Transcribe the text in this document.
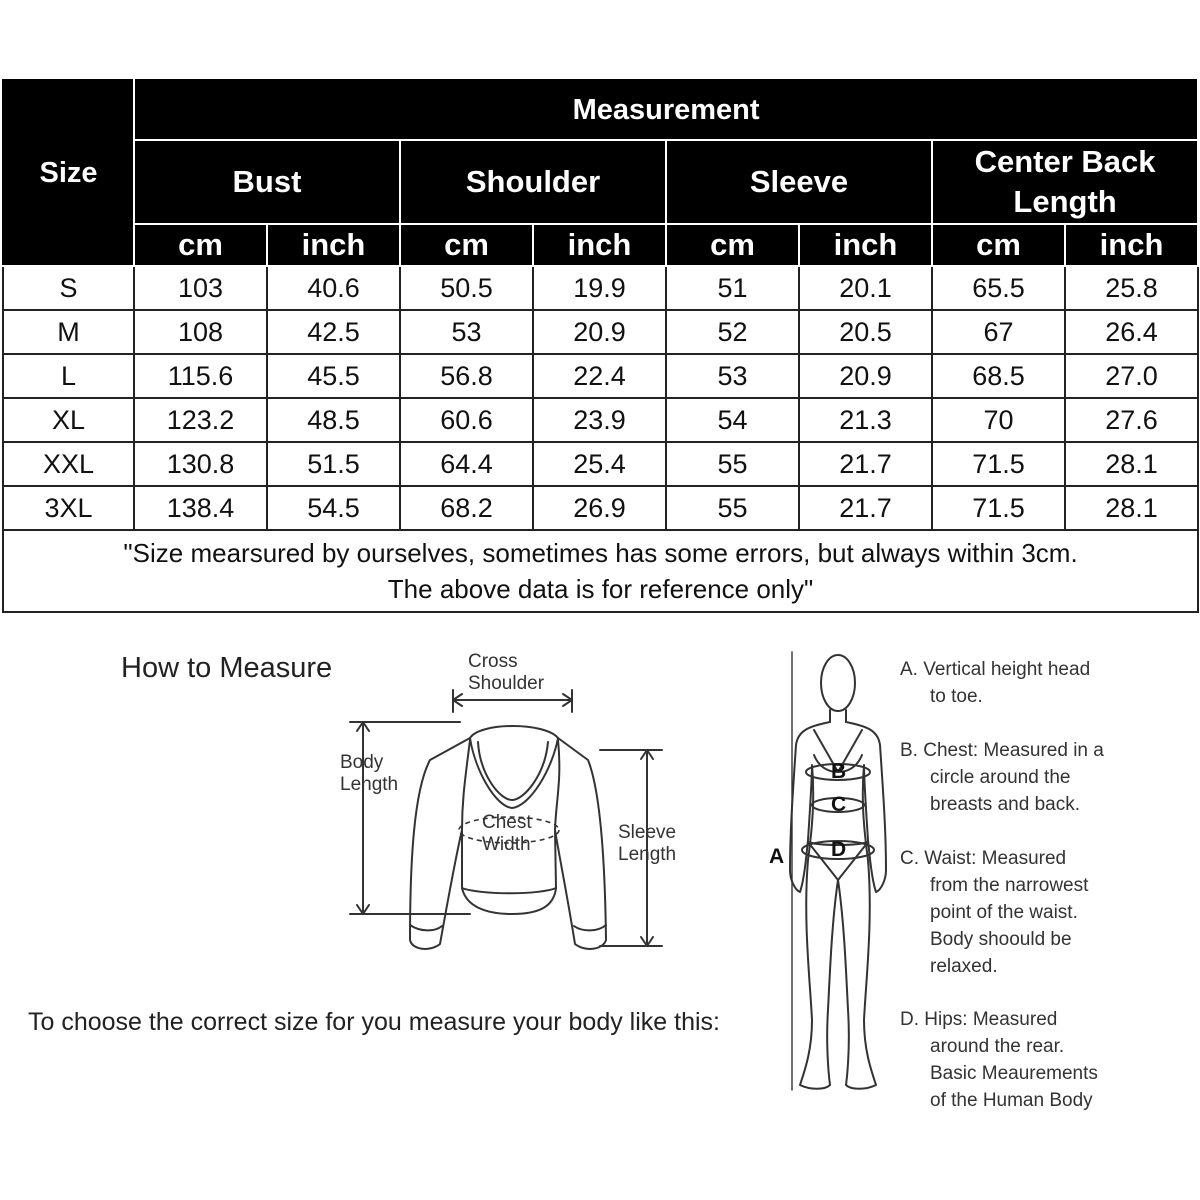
Size	Measurement							
	Bust		Shoulder		Sleeve		Center Back Length	
	cm	inch	cm	inch	cm	inch	cm	inch
S	103	40.6	50.5	19.9	51	20.1	65.5	25.8
M	108	42.5	53	20.9	52	20.5	67	26.4
L	115.6	45.5	56.8	22.4	53	20.9	68.5	27.0
XL	123.2	48.5	60.6	23.9	54	21.3	70	27.6
XXL	130.8	51.5	64.4	25.4	55	21.7	71.5	28.1
3XL	138.4	54.5	68.2	26.9	55	21.7	71.5	28.1
"Size mearsured by ourselves, sometimes has some errors, but always within 3cm.
The above data is for reference only"								
How to Measure
To choose the correct size for you measure your body like this:
Cross
Shoulder
Body
Length
Chest
Width
Sleeve
Length	A
B
C
D
A. Vertical height head
to toe.
B. Chest: Measured in a
circle around the
breasts and back.
C. Waist: Measured
from the narrowest
point of the waist.
Body shoould be
relaxed.
D. Hips: Measured
around the rear.
Basic Meaurements
of the Human Body
